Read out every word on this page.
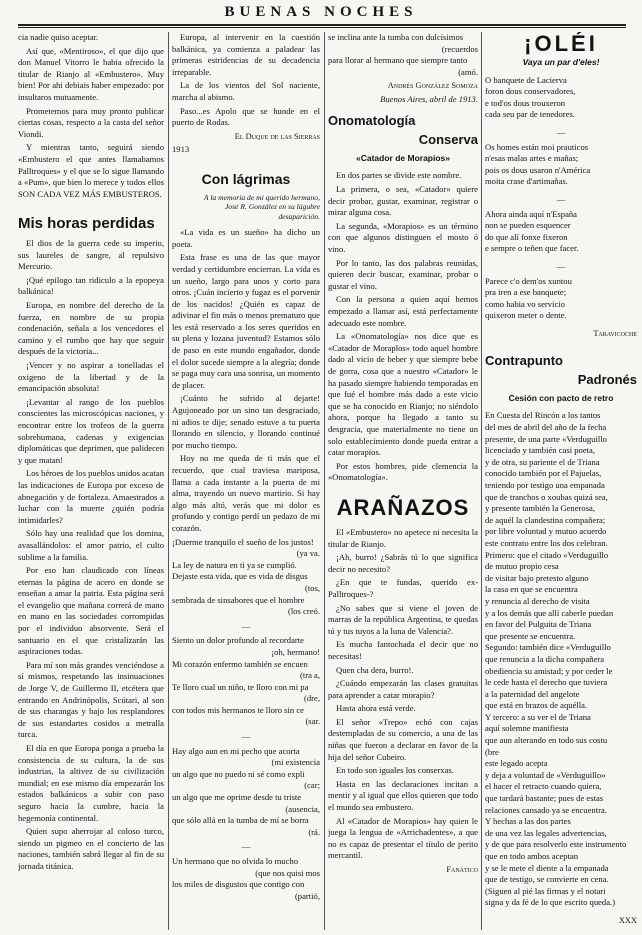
BUENAS NOCHES

cia nadie quiso aceptar.

Así que, «Mentiroso», el que dijo que don Manuel Vitorro le habia ofrecido la titular de Rianjo al «Embustero». Muy bien! Por ahi debiais haber empezado: por insultaros mutuamente.

Prometemos para muy pronto publicar ciertas cosas, respecto a la casta del señor Viondi.

Y mientras tanto, seguirá siendo «Embustero el que antes llamabamos Palltroques» y el que se lo sigue llamando a «Pum», que bien lo merece y todos ellos SON CADA VEZ MÁS EMBUSTEROS.

Mis horas perdidas

El dios de la guerra cede su imperio, sus laureles de sangre, al repulsivo Mercurio.

¡Qué epilogo tan ridiculo a la epopeya balkánica!

Europa, en nombre del derecho de la fuerza, en nombre de su propia condenación, señala a los vencedores el camino y el rumbo que hay que seguir después de la victoria...

¡Vencer y no aspirar a tonelladas el oxigeno de la libertad y de la emancipación absoluta!

¡Levantar al rango de los pueblos conscientes las microscópicas naciones, y encontrar entre los trofeos de la guerra sobrehumana, cadenas y exigencias diplomáticas que deprimen, que palidecen y que matan!

Los héroes de los pueblos unidos acatan las indicaciones de Europa por exceso de abnegación y de fortaleza. Amaestrados a luchar con la muerte ¿quién podría intimidarles?

Sólo hay una realidad que los domina, avasallándolos: el amor patrio, el culto sublime a la familia.

Por eso han claudicado con líneas eternas la página de acero en donde se enseñan a amar la patria. Esta página será el evangelio que mañana correrá de mano en mano en las sociedades corrompidas por el individuo absorvente. Será el santuario en el que cristalizarán las aspiraciones todas.

Para mí son más grandes venciéndose a sí mismos, respetando las insinuaciones de Jorge V, de Guillermo II, etcétera que entrando en Andrinópolis, Scútari, al son de sus charangas y bajo los resplandores de sus estandartes cosidos a metralla turca.

El día en que Europa ponga a prueba la consistencia de su cultura, la de sus industrias, la altivez de su civilización mundial; en ese mismo día empezarán los estados balkánicos a subir con paso seguro hacia la cumbre, hacia la hegemonía continental.

Quien supo aherrojar al coloso turco, siendo un pigmeo en el concierto de las naciones, también sabrá llegar al fin de su jornada titánica.

Europa, al intervenir en la cuestión balkánica, ya comienza a paladear las primeras estridencias de su decadencia irreparable.

La de los vientos del Sol naciente, marcha al abismo.

Paso...es Apolo que se hunde en el puerto de Rodas.

El Duque de las Sierras

1913

Con lágrimas
A la memoria de mi querido hermano, José R. González en su lúgubre desaparición.

«La vida es un sueño» ha dicho un poeta.

Esta frase es una de las que mayor verdad y certidumbre encierran. La vida es un sueño, largo para unos y corto para otros. ¡Cuán incierto y fugaz es el porvenir de los nacidos! ¿Quién es capaz de adivinar el fin más o menos prematuro que les está reservado a los seres queridos en su plena y lozana juventud? Estamos sólo de paso en este mundo engañador, donde el dolor sucede siempre a la alegría; donde se paga muy cara una sonrisa, un momento de placer.

¡Cuánto he sufrido al dejarte! Agujoneado por un sino tan desgraciado, ni adios te dije; senado estuve a tu puerta llorando en silencio, y llorando continué por mucho tiempo.

Hoy no me queda de ti más que el recuerdo, que cual traviesa mariposa, llama a cada instante a la puerta de mi alma, trayendo un nuevo martirio. Si hay algo más altó, verás que mi dolor es profundo y contigo perdí un pedazo de mi corazón.

¡Duerme tranquilo el sueño de los justos!
(ya va.
La ley de natura en ti ya se cumplió.
Dejaste esta vida, que es vida de disgus
(tos,
sembrada de sinsabores que el hombre
(los creó.
—
Siento un dolor profundo al recordarte
¡oh, hermano!
Mi corazón enfermo también se encuen
(tra a,
Te lloro cual un niño, te lloro con mi pa
(dre,
con todos mis hermanos te lloro sin ce
(sar.
—
Hay algo aun en mi pecho que acorta
(mi existencia
un algo que no puedo ni sé como expli
(car;
un algo que me oprime desde tu triste
(ausencia,
que sólo allá en la tumba de mí se borra
(rá.
—
Un hermano que no olvida lo mucho
(que nos quisi mos
los miles de disgustos que contigo con
(partió,
se inclina ante la tumba con dulcísimos
(recuerdos
para llorar al hermano que siempre tanto
(amó.
Andrés González Somoza

Buenos Aires, abril de 1913.

Onomatología
Conserva
«Catador de Morapios»

En dos partes se divide este nombre.

La primera, o sea, «Catador» quiere decir probar, gustar, examinar, registrar o mirar alguna cosa.

La segunda, «Morapios» es un término con que algunos distinguen el mosto ó vino.

Por lo tanto, las dos palabras reunidas, quieren decir buscar, examinar, probar o gustar el vino.

Con la persona a quien aquí hemos empezado a llamar así, está perfectamente adecuado este nombre.

La «Onomatología» nos dice que es «Catador de Moraplos» todo aquel hombre dado al vicio de beber y que siempre bebe de gorra, cosa que a nuestro «Catador» le ha pasado siempre habiendo temporadas en que fué el hombre más dado a este vicio que se ha conocido en Rianjo; no siéndolo ahora, porque ha llegado a tanto su desgracia, que materialmente no tiene un solo establecimiento donde pueda entrar a catar morapios.

Por estos hombres, pide clemencia la «Onomatología».

ARAÑAZOS

El «Embustero» no apetece ni necesita la titular de Rianjo.

¡Ah, burro! ¿Sabrás tú lo que significa decir no necesito?

¿En que te fundas, querido ex-Palltroques-?

¿No sabes que si viene el joven de marras de la república Argentina, te quedas tú y tus tuyos a la luna de Valencia?.

Es mucha fantochada el decir que no necesitas!

Quen cha dera, burro!.

¿Cuándo empezarán las clases gratuitas para aprender a catar morapio?

Hasta ahora está verde.

El señor «Trepo» echó con cajas destempladas de su comercio, a una de las niñas que fueron a declarar en favor de la hija del señor Cubeiro.

En todo son iguales los conserxas.

Hasta en las declaraciones incitan a mentir y al igual que ellos quieren que todo el mundo sea embustero.

Al «Catador de Morapios» hay quien le juega la lengua de «Arrichadentes», a que no es capaz de presentar el título de perito mercantil.

Fanático
¡OLÉI
Vaya un par d'eles!
O banquete de Lacierva
foron dous conservadores,
e tod'os dous trouxeron
cada seu par de tenedores.
—
Os homes están moi prauticos
n'esas malas artes e mañas;
pois os dous usaron n'América
moita crase d'artimañas.
—
Ahora ainda aquí n'España
non se pueden esquencer
do que alí fonxe fixeron
e sempre o teñen que facer.
—
Parece c'o dem'os xuntou
pra iren a ese banquete;
como habia vo servicio
quixeron meter o dente.
Taravicoche
Contrapunto
Padronés
Cesión con pacto de retro
En Cuesta del Rincón a los tantos
del mes de abril del año de la fecha
presente, de una parte «Verduguillo
licenciado y también casi poeta,
y de otra, su pariente el de Triana
conocido también por el Pajuelas,
teniendo por testigo una empanada
que de tranchos o xoubas quizá sea,
y presente también la Generosa,
de aquél la clandestina compañera;
por libre voluntad y mutuo acuerdo
este contrato entre los dos celebran.
Primero: que el citado «Verduguillo
de mutuo propio cesa
de visitar bajo pretesto alguno
la casa en que se encuentra
y renuncia al derecho de visita
y a los demás que allí caberle puedan
en favor del Pulguita de Triana
que presente se encuentra.
Segundo: también dice «Verduguillo
que renuncia a la dicha compañera
obediencia su amistad; y por ceder le
le cede hasta el derecho que tuviera
a la paternidad del angelote
que está en brazos de aquélla.
Y tercero: a su ver el de Triana
aquí solemne manifiesta
que aun alterando en todo sus costu
(bre
este legado acepta
y deja a voluntad de «Verduguillo»
el hacer el retracto cuando quiera,
que tardará bastante; pues de estas
relaciones cansado ya se encuentra.
Y hechas a las dos partes
de una vez las legales advertencias,
y de que para resolverlo este instrumento
que en todo ambos aceptan
y se le mete el diente a la empanada
que de testigo, se convierte en cena.
(Siguen al pié las firmas y el notari
signa y da fé de lo que escrito queda.)
XXX
